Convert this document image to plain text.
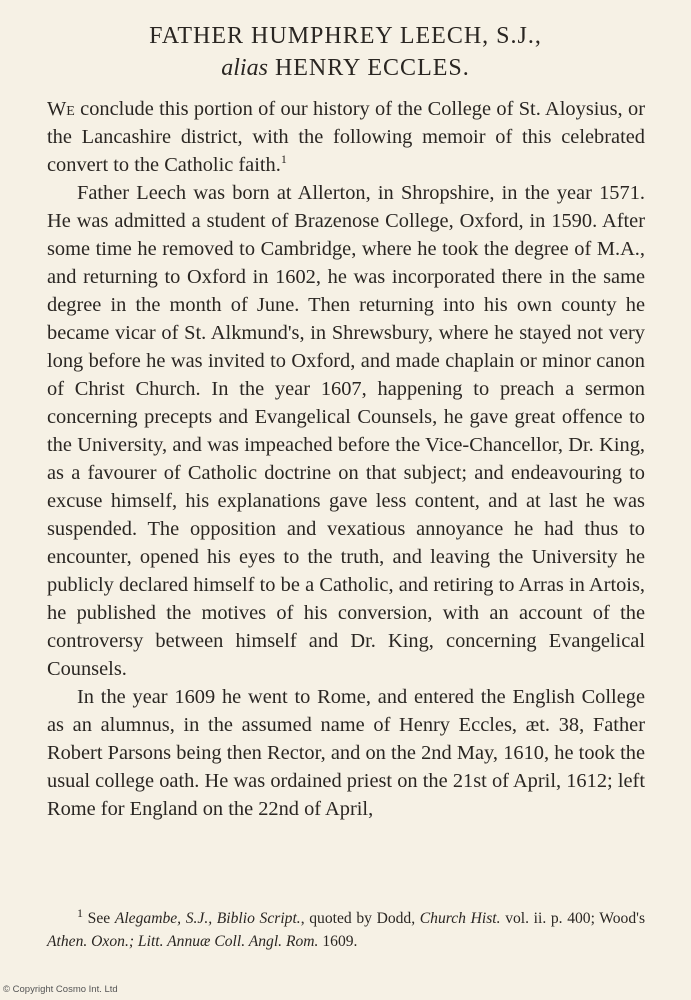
FATHER HUMPHREY LEECH, S.J.,
alias HENRY ECCLES.

We conclude this portion of our history of the College of St. Aloysius, or the Lancashire district, with the following memoir of this celebrated convert to the Catholic faith.$^1$

Father Leech was born at Allerton, in Shropshire, in the year 1571. He was admitted a student of Brazenose College, Oxford, in 1590. After some time he removed to Cambridge, where he took the degree of M.A., and returning to Oxford in 1602, he was incorporated there in the same degree in the month of June. Then returning into his own county he became vicar of St. Alkmund's, in Shrewsbury, where he stayed not very long before he was invited to Oxford, and made chaplain or minor canon of Christ Church. In the year 1607, happening to preach a sermon concerning precepts and Evangelical Counsels, he gave great offence to the University, and was impeached before the Vice-Chancellor, Dr. King, as a favourer of Catholic doctrine on that subject; and endeavouring to excuse himself, his explanations gave less content, and at last he was suspended. The opposition and vexatious annoyance he had thus to encounter, opened his eyes to the truth, and leaving the University he publicly declared himself to be a Catholic, and retiring to Arras in Artois, he published the motives of his conversion, with an account of the controversy between himself and Dr. King, concerning Evangelical Counsels.

In the year 1609 he went to Rome, and entered the English College as an alumnus, in the assumed name of Henry Eccles, æt. 38, Father Robert Parsons being then Rector, and on the 2nd May, 1610, he took the usual college oath. He was ordained priest on the 21st of April, 1612; left Rome for England on the 22nd of April,

$^1$ See Alegambe, S.J., Biblio Script., quoted by Dodd, Church Hist. vol. ii. p. 400; Wood's Athen. Oxon.; Litt. Annuæ Coll. Angl. Rom. 1609.

© Copyright Cosmo Int. Ltd
